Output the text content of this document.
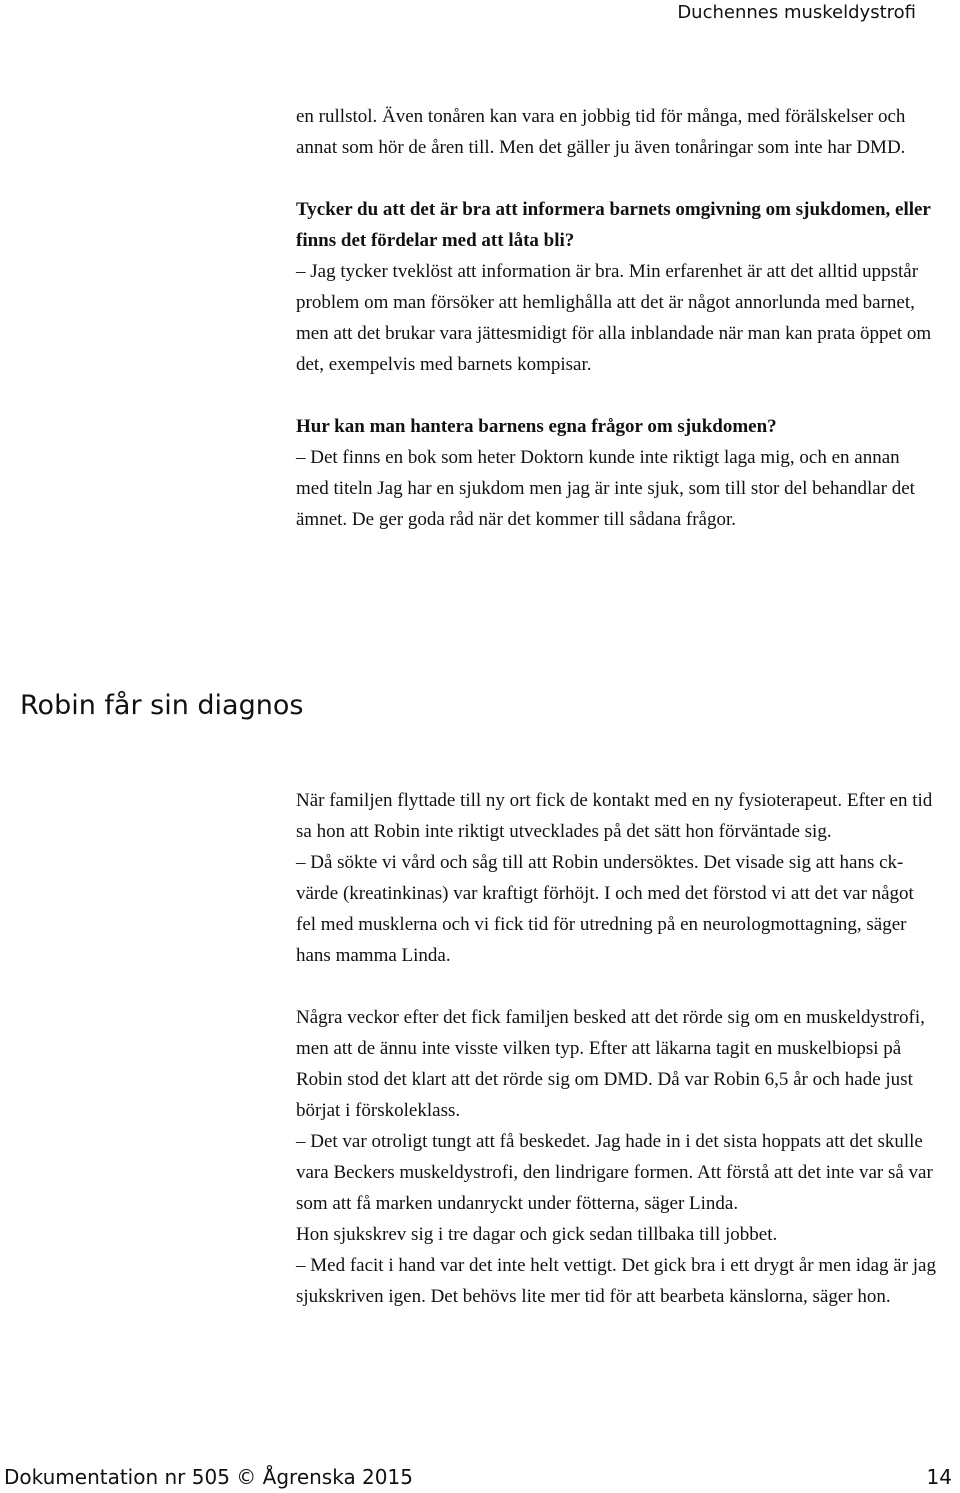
Duchennes muskeldystrofi

en rullstol. Även tonåren kan vara en jobbig tid för många, med förälskelser och annat som hör de åren till. Men det gäller ju även tonåringar som inte har DMD.

Tycker du att det är bra att informera barnets omgivning om sjukdomen, eller finns det fördelar med att låta bli?

– Jag tycker tveklöst att information är bra. Min erfarenhet är att det alltid uppstår problem om man försöker att hemlighålla att det är något annorlunda med barnet, men att det brukar vara jättesmidigt för alla inblandade när man kan prata öppet om det, exempelvis med barnets kompisar.

Hur kan man hantera barnens egna frågor om sjukdomen?

– Det finns en bok som heter Doktorn kunde inte riktigt laga mig, och en annan med titeln Jag har en sjukdom men jag är inte sjuk, som till stor del behandlar det ämnet. De ger goda råd när det kommer till sådana frågor.

Robin får sin diagnos

När familjen flyttade till ny ort fick de kontakt med en ny fysioterapeut. Efter en tid sa hon att Robin inte riktigt utvecklades på det sätt hon förväntade sig.

– Då sökte vi vård och såg till att Robin undersöktes. Det visade sig att hans ck-värde (kreatinkinas) var kraftigt förhöjt. I och med det förstod vi att det var något fel med musklerna och vi fick tid för utredning på en neurologmottagning, säger hans mamma Linda.

Några veckor efter det fick familjen besked att det rörde sig om en muskeldystrofi, men att de ännu inte visste vilken typ. Efter att läkarna tagit en muskelbiopsi på Robin stod det klart att det rörde sig om DMD. Då var Robin 6,5 år och hade just börjat i förskoleklass.

– Det var otroligt tungt att få beskedet. Jag hade in i det sista hoppats att det skulle vara Beckers muskeldystrofi, den lindrigare formen. Att förstå att det inte var så var som att få marken undanryckt under fötterna, säger Linda.

Hon sjukskrev sig i tre dagar och gick sedan tillbaka till jobbet.

– Med facit i hand var det inte helt vettigt. Det gick bra i ett drygt år men idag är jag sjukskriven igen. Det behövs lite mer tid för att bearbeta känslorna, säger hon.

Dokumentation nr 505 © Ågrenska 2015	14
